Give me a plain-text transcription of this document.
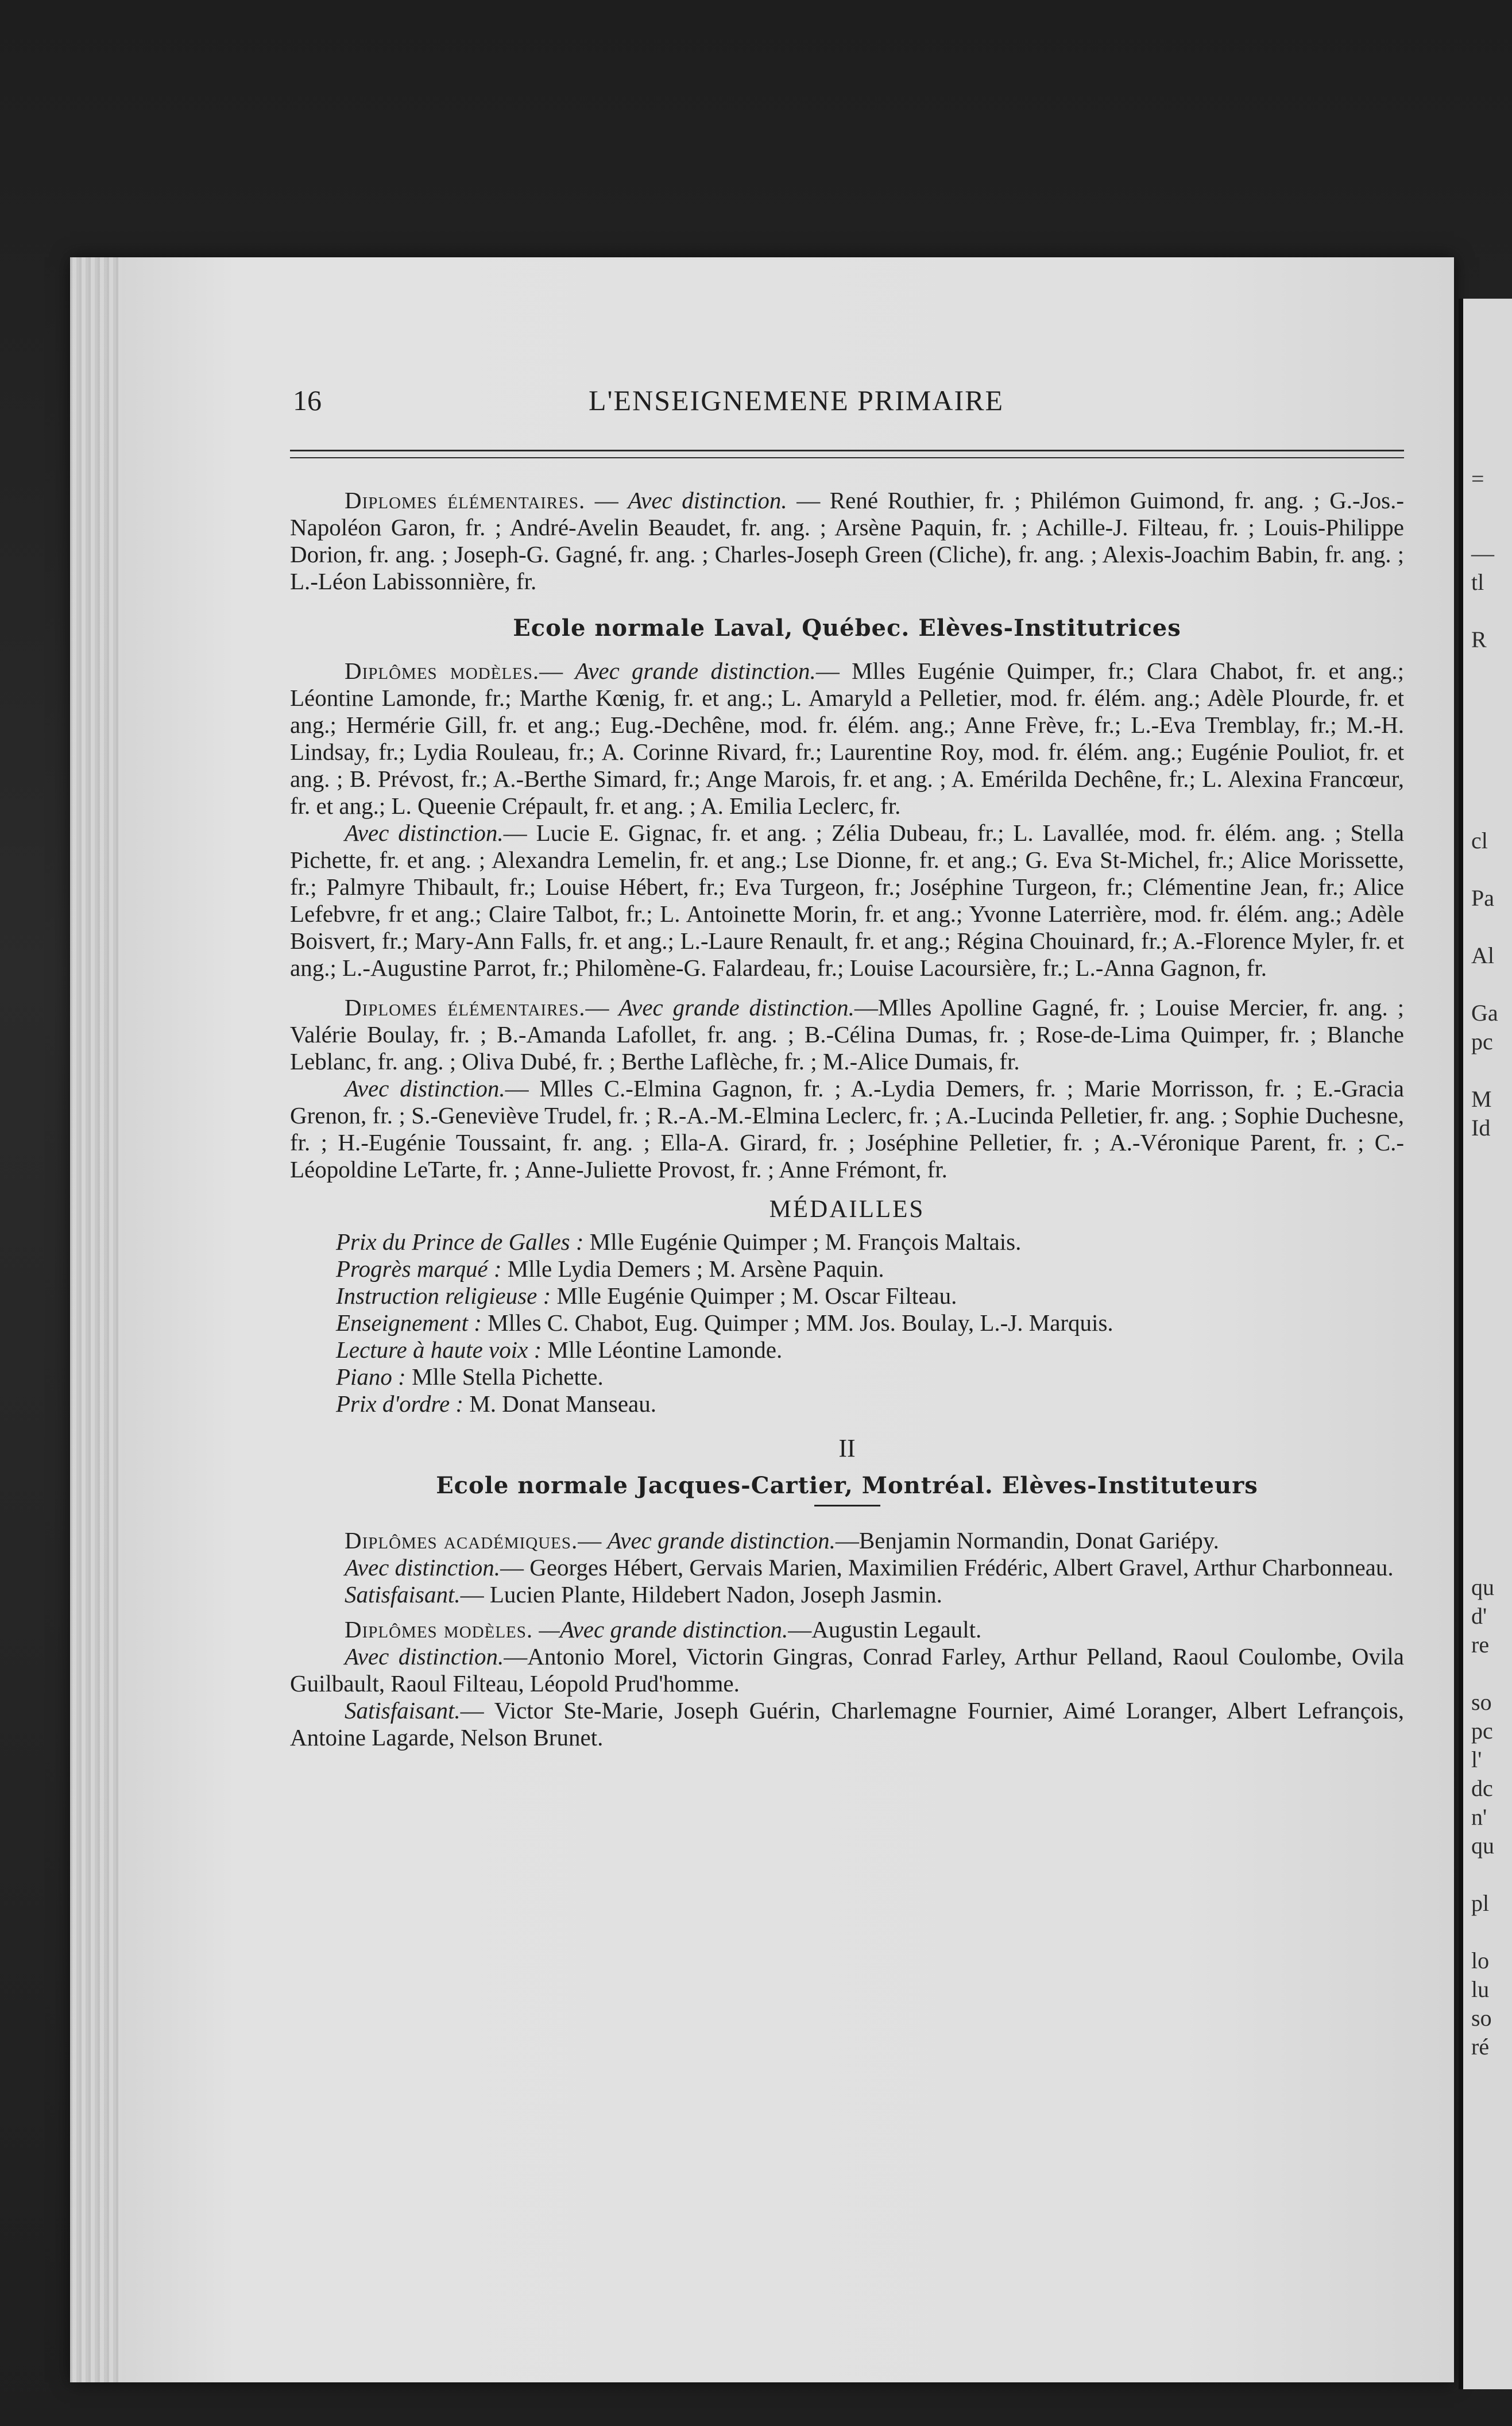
=
—
tl
R
cl
Pa
Al
Ga
pc
M
Id
qu
d'
re
so
pc
l'
dc
n'
qu
pl
lo
lu
so
ré
16	L'ENSEIGNEMENE PRIMAIRE

Diplomes élémentaires. — Avec distinction. — René Routhier, fr. ; Philémon Guimond, fr. ang. ; G.-Jos.-Napoléon Garon, fr. ; André-Avelin Beaudet, fr. ang. ; Arsène Paquin, fr. ; Achille-J. Filteau, fr. ; Louis-Philippe Dorion, fr. ang. ; Joseph-G. Gagné, fr. ang. ; Charles-Joseph Green (Cliche), fr. ang. ; Alexis-Joachim Babin, fr. ang. ; L.-Léon Labissonnière, fr.

Ecole normale Laval, Québec. Elèves-Institutrices

Diplômes modèles.— Avec grande distinction.— Mlles Eugénie Quimper, fr.; Clara Chabot, fr. et ang.; Léontine Lamonde, fr.; Marthe Kœnig, fr. et ang.; L. Amaryld a Pelletier, mod. fr. élém. ang.; Adèle Plourde, fr. et ang.; Hermérie Gill, fr. et ang.; Eug.-Dechêne, mod. fr. élém. ang.; Anne Frève, fr.; L.-Eva Tremblay, fr.; M.-H. Lindsay, fr.; Lydia Rouleau, fr.; A. Corinne Rivard, fr.; Laurentine Roy, mod. fr. élém. ang.; Eugénie Pouliot, fr. et ang. ; B. Prévost, fr.; A.-Berthe Simard, fr.; Ange Marois, fr. et ang. ; A. Emérilda Dechêne, fr.; L. Alexina Francœur, fr. et ang.; L. Queenie Crépault, fr. et ang. ; A. Emilia Leclerc, fr.

Avec distinction.— Lucie E. Gignac, fr. et ang. ; Zélia Dubeau, fr.; L. Lavallée, mod. fr. élém. ang. ; Stella Pichette, fr. et ang. ; Alexandra Lemelin, fr. et ang.; Lse Dionne, fr. et ang.; G. Eva St-Michel, fr.; Alice Morissette, fr.; Palmyre Thibault, fr.; Louise Hébert, fr.; Eva Turgeon, fr.; Joséphine Turgeon, fr.; Clémentine Jean, fr.; Alice Lefebvre, fr et ang.; Claire Talbot, fr.; L. Antoinette Morin, fr. et ang.; Yvonne Laterrière, mod. fr. élém. ang.; Adèle Boisvert, fr.; Mary-Ann Falls, fr. et ang.; L.-Laure Renault, fr. et ang.; Régina Chouinard, fr.; A.-Florence Myler, fr. et ang.; L.-Augustine Parrot, fr.; Philomène-G. Falardeau, fr.; Louise Lacoursière, fr.; L.-Anna Gagnon, fr.

Diplomes élémentaires.— Avec grande distinction.—Mlles Apolline Gagné, fr. ; Louise Mercier, fr. ang. ; Valérie Boulay, fr. ; B.-Amanda Lafollet, fr. ang. ; B.-Célina Dumas, fr. ; Rose-de-Lima Quimper, fr. ; Blanche Leblanc, fr. ang. ; Oliva Dubé, fr. ; Berthe Laflèche, fr. ; M.-Alice Dumais, fr.

Avec distinction.— Mlles C.-Elmina Gagnon, fr. ; A.-Lydia Demers, fr. ; Marie Morrisson, fr. ; E.-Gracia Grenon, fr. ; S.-Geneviève Trudel, fr. ; R.-A.-M.-Elmina Leclerc, fr. ; A.-Lucinda Pelletier, fr. ang. ; Sophie Duchesne, fr. ; H.-Eugénie Toussaint, fr. ang. ; Ella-A. Girard, fr. ; Joséphine Pelletier, fr. ; A.-Véronique Parent, fr. ; C.-Léopoldine LeTarte, fr. ; Anne-Juliette Provost, fr. ; Anne Frémont, fr.

MÉDAILLES

Prix du Prince de Galles : Mlle Eugénie Quimper ; M. François Maltais.

Progrès marqué : Mlle Lydia Demers ; M. Arsène Paquin.

Instruction religieuse : Mlle Eugénie Quimper ; M. Oscar Filteau.

Enseignement : Mlles C. Chabot, Eug. Quimper ; MM. Jos. Boulay, L.-J. Marquis.

Lecture à haute voix : Mlle Léontine Lamonde.

Piano : Mlle Stella Pichette.

Prix d'ordre : M. Donat Manseau.

II
Ecole normale Jacques-Cartier, Montréal. Elèves-Instituteurs

Diplômes académiques.— Avec grande distinction.—Benjamin Normandin, Donat Gariépy.

Avec distinction.— Georges Hébert, Gervais Marien, Maximilien Frédéric, Albert Gravel, Arthur Charbonneau.

Satisfaisant.— Lucien Plante, Hildebert Nadon, Joseph Jasmin.

Diplômes modèles. —Avec grande distinction.—Augustin Legault.

Avec distinction.—Antonio Morel, Victorin Gingras, Conrad Farley, Arthur Pelland, Raoul Coulombe, Ovila Guilbault, Raoul Filteau, Léopold Prud'homme.

Satisfaisant.— Victor Ste-Marie, Joseph Guérin, Charlemagne Fournier, Aimé Loranger, Albert Lefrançois, Antoine Lagarde, Nelson Brunet.
